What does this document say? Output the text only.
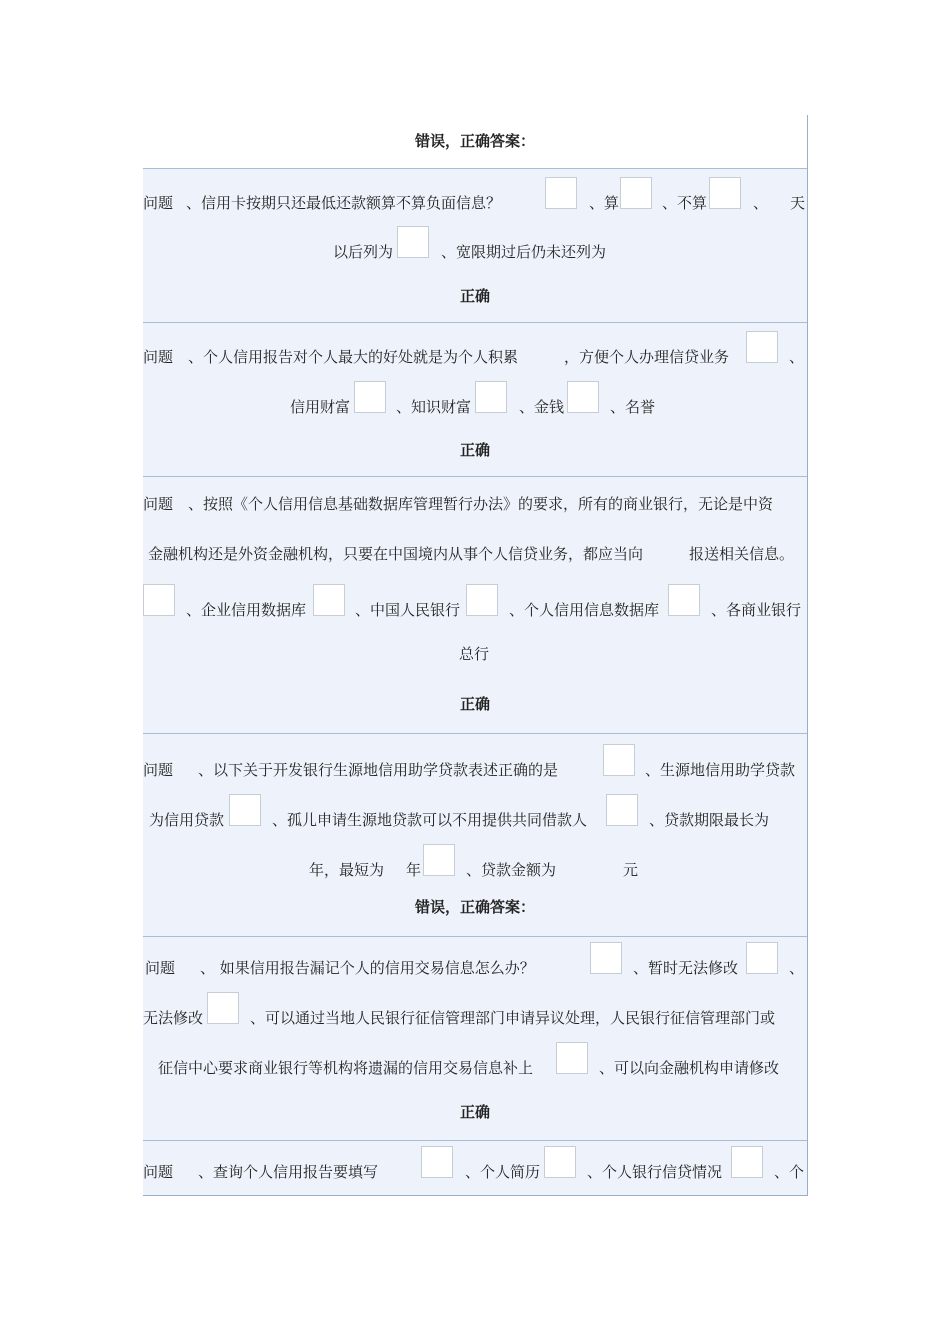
错误，正确答案：
问题 、信用卡按期只还最低还款额算不算负面信息？	、算	、不算	、 天
以后列为	、宽限期过后仍未还列为
正确
问题 、个人信用报告对个人最大的好处就是为个人积累	，方便个人办理信贷业务	、
信用财富	、知识财富	、金钱	、名誉
正确
问题 、按照《个人信用信息基础数据库管理暂行办法》的要求，所有的商业银行，无论是中资
金融机构还是外资金融机构，只要在中国境内从事个人信贷业务，都应当向	报送相关信息。
、企业信用数据库	、中国人民银行	、个人信用信息数据库	、各商业银行
总行
正确
问题 、以下关于开发银行生源地信用助学贷款表述正确的是	、生源地信用助学贷款
为信用贷款	、孤儿申请生源地贷款可以不用提供共同借款人	、贷款期限最长为
年，最短为 年	、贷款金额为	元
错误，正确答案：
问题 、 如果信用报告漏记个人的信用交易信息怎么办？	、暂时无法修改	、
无法修改	、可以通过当地人民银行征信管理部门申请异议处理，人民银行征信管理部门或
征信中心要求商业银行等机构将遗漏的信用交易信息补上	、可以向金融机构申请修改
正确
问题 、查询个人信用报告要填写	、个人简历	、个人银行信贷情况	、个
